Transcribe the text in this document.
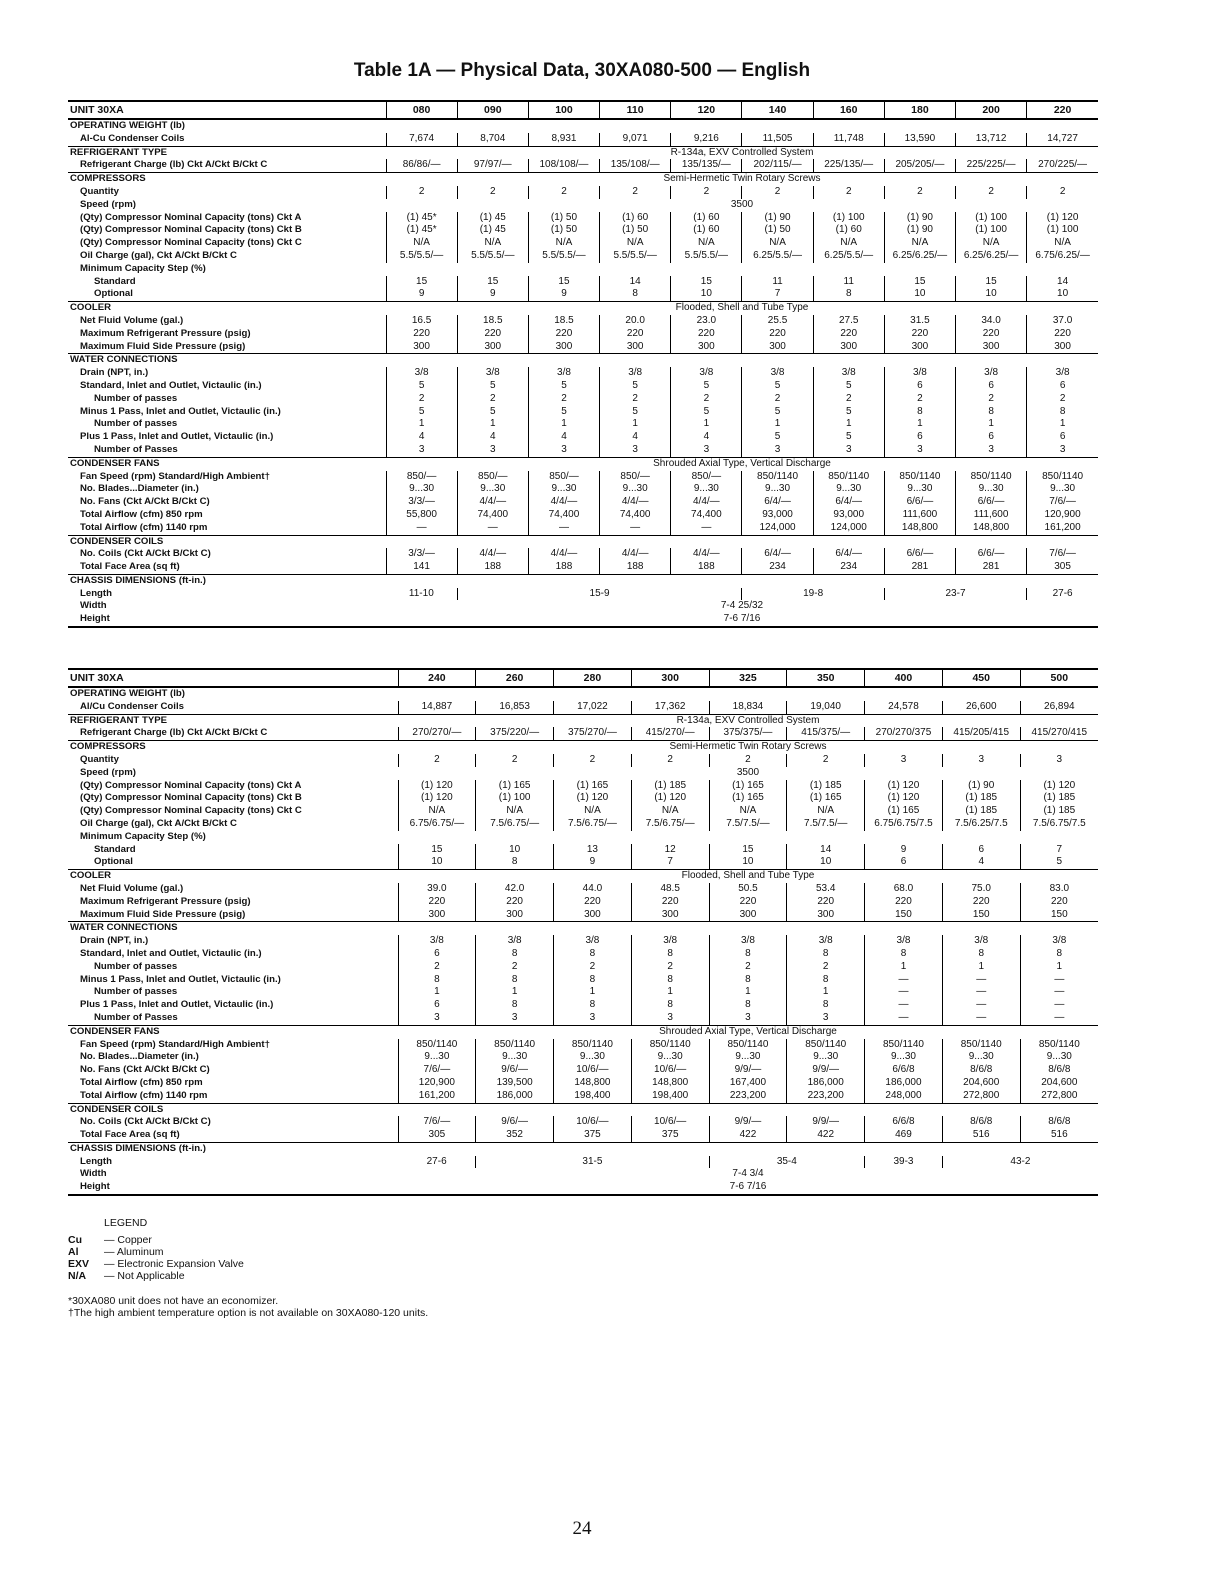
Table 1A — Physical Data, 30XA080-500 — English
UNIT 30XA	080	090	100	110	120	140	160	180	200	220
OPERATING WEIGHT (lb)										
Al-Cu Condenser Coils	7,674	8,704	8,931	9,071	9,216	11,505	11,748	13,590	13,712	14,727
REFRIGERANT TYPE	R-134a, EXV Controlled System									
Refrigerant Charge (lb) Ckt A/Ckt B/Ckt C	86/86/—	97/97/—	108/108/—	135/108/—	135/135/—	202/115/—	225/135/—	205/205/—	225/225/—	270/225/—
COMPRESSORS	Semi-Hermetic Twin Rotary Screws									
Quantity	2	2	2	2	2	2	2	2	2	2
Speed (rpm)	3500									
(Qty) Compressor Nominal Capacity (tons) Ckt A	(1) 45*	(1) 45	(1) 50	(1) 60	(1) 60	(1) 90	(1) 100	(1) 90	(1) 100	(1) 120
(Qty) Compressor Nominal Capacity (tons) Ckt B	(1) 45*	(1) 45	(1) 50	(1) 50	(1) 60	(1) 50	(1) 60	(1) 90	(1) 100	(1) 100
(Qty) Compressor Nominal Capacity (tons) Ckt C	N/A	N/A	N/A	N/A	N/A	N/A	N/A	N/A	N/A	N/A
Oil Charge (gal), Ckt A/Ckt B/Ckt C	5.5/5.5/—	5.5/5.5/—	5.5/5.5/—	5.5/5.5/—	5.5/5.5/—	6.25/5.5/—	6.25/5.5/—	6.25/6.25/—	6.25/6.25/—	6.75/6.25/—
Minimum Capacity Step (%)										
Standard	15	15	15	14	15	11	11	15	15	14
Optional	9	9	9	8	10	7	8	10	10	10
COOLER	Flooded, Shell and Tube Type									
Net Fluid Volume (gal.)	16.5	18.5	18.5	20.0	23.0	25.5	27.5	31.5	34.0	37.0
Maximum Refrigerant Pressure (psig)	220	220	220	220	220	220	220	220	220	220
Maximum Fluid Side Pressure (psig)	300	300	300	300	300	300	300	300	300	300
WATER CONNECTIONS										
Drain (NPT, in.)	3/8	3/8	3/8	3/8	3/8	3/8	3/8	3/8	3/8	3/8
Standard, Inlet and Outlet, Victaulic (in.)	5	5	5	5	5	5	5	6	6	6
Number of passes	2	2	2	2	2	2	2	2	2	2
Minus 1 Pass, Inlet and Outlet, Victaulic (in.)	5	5	5	5	5	5	5	8	8	8
Number of passes	1	1	1	1	1	1	1	1	1	1
Plus 1 Pass, Inlet and Outlet, Victaulic (in.)	4	4	4	4	4	5	5	6	6	6
Number of Passes	3	3	3	3	3	3	3	3	3	3
CONDENSER FANS	Shrouded Axial Type, Vertical Discharge									
Fan Speed (rpm) Standard/High Ambient†	850/—	850/—	850/—	850/—	850/—	850/1140	850/1140	850/1140	850/1140	850/1140
No. Blades...Diameter (in.)	9...30	9...30	9...30	9...30	9...30	9...30	9...30	9...30	9...30	9...30
No. Fans (Ckt A/Ckt B/Ckt C)	3/3/—	4/4/—	4/4/—	4/4/—	4/4/—	6/4/—	6/4/—	6/6/—	6/6/—	7/6/—
Total Airflow (cfm) 850 rpm	55,800	74,400	74,400	74,400	74,400	93,000	93,000	111,600	111,600	120,900
Total Airflow (cfm) 1140 rpm	—	—	—	—	—	124,000	124,000	148,800	148,800	161,200
CONDENSER COILS										
No. Coils (Ckt A/Ckt B/Ckt C)	3/3/—	4/4/—	4/4/—	4/4/—	4/4/—	6/4/—	6/4/—	6/6/—	6/6/—	7/6/—
Total Face Area (sq ft)	141	188	188	188	188	234	234	281	281	305
CHASSIS DIMENSIONS (ft-in.)										
Length	11-10	15-9				19-8		23-7		27-6
Width	7-4 25/32									
Height	7-6 7/16									
UNIT 30XA	240	260	280	300	325	350	400	450	500
OPERATING WEIGHT (lb)									
Al/Cu Condenser Coils	14,887	16,853	17,022	17,362	18,834	19,040	24,578	26,600	26,894
REFRIGERANT TYPE	R-134a, EXV Controlled System								
Refrigerant Charge (lb) Ckt A/Ckt B/Ckt C	270/270/—	375/220/—	375/270/—	415/270/—	375/375/—	415/375/—	270/270/375	415/205/415	415/270/415
COMPRESSORS	Semi-Hermetic Twin Rotary Screws								
Quantity	2	2	2	2	2	2	3	3	3
Speed (rpm)	3500								
(Qty) Compressor Nominal Capacity (tons) Ckt A	(1) 120	(1) 165	(1) 165	(1) 185	(1) 165	(1) 185	(1) 120	(1) 90	(1) 120
(Qty) Compressor Nominal Capacity (tons) Ckt B	(1) 120	(1) 100	(1) 120	(1) 120	(1) 165	(1) 165	(1) 120	(1) 185	(1) 185
(Qty) Compressor Nominal Capacity (tons) Ckt C	N/A	N/A	N/A	N/A	N/A	N/A	(1) 165	(1) 185	(1) 185
Oil Charge (gal), Ckt A/Ckt B/Ckt C	6.75/6.75/—	7.5/6.75/—	7.5/6.75/—	7.5/6.75/—	7.5/7.5/—	7.5/7.5/—	6.75/6.75/7.5	7.5/6.25/7.5	7.5/6.75/7.5
Minimum Capacity Step (%)									
Standard	15	10	13	12	15	14	9	6	7
Optional	10	8	9	7	10	10	6	4	5
COOLER	Flooded, Shell and Tube Type								
Net Fluid Volume (gal.)	39.0	42.0	44.0	48.5	50.5	53.4	68.0	75.0	83.0
Maximum Refrigerant Pressure (psig)	220	220	220	220	220	220	220	220	220
Maximum Fluid Side Pressure (psig)	300	300	300	300	300	300	150	150	150
WATER CONNECTIONS									
Drain (NPT, in.)	3/8	3/8	3/8	3/8	3/8	3/8	3/8	3/8	3/8
Standard, Inlet and Outlet, Victaulic (in.)	6	8	8	8	8	8	8	8	8
Number of passes	2	2	2	2	2	2	1	1	1
Minus 1 Pass, Inlet and Outlet, Victaulic (in.)	8	8	8	8	8	8	—	—	—
Number of passes	1	1	1	1	1	1	—	—	—
Plus 1 Pass, Inlet and Outlet, Victaulic (in.)	6	8	8	8	8	8	—	—	—
Number of Passes	3	3	3	3	3	3	—	—	—
CONDENSER FANS	Shrouded Axial Type, Vertical Discharge								
Fan Speed (rpm) Standard/High Ambient†	850/1140	850/1140	850/1140	850/1140	850/1140	850/1140	850/1140	850/1140	850/1140
No. Blades...Diameter (in.)	9...30	9...30	9...30	9...30	9...30	9...30	9...30	9...30	9...30
No. Fans (Ckt A/Ckt B/Ckt C)	7/6/—	9/6/—	10/6/—	10/6/—	9/9/—	9/9/—	6/6/8	8/6/8	8/6/8
Total Airflow (cfm) 850 rpm	120,900	139,500	148,800	148,800	167,400	186,000	186,000	204,600	204,600
Total Airflow (cfm) 1140 rpm	161,200	186,000	198,400	198,400	223,200	223,200	248,000	272,800	272,800
CONDENSER COILS									
No. Coils (Ckt A/Ckt B/Ckt C)	7/6/—	9/6/—	10/6/—	10/6/—	9/9/—	9/9/—	6/6/8	8/6/8	8/6/8
Total Face Area (sq ft)	305	352	375	375	422	422	469	516	516
CHASSIS DIMENSIONS (ft-in.)									
Length	27-6	31-5			35-4		39-3	43-2	
Width	7-4 3/4								
Height	7-6 7/16								
LEGEND
Cu — Copper
Al — Aluminum
EXV — Electronic Expansion Valve
N/A — Not Applicable
*30XA080 unit does not have an economizer.
†The high ambient temperature option is not available on 30XA080-120 units.
24
